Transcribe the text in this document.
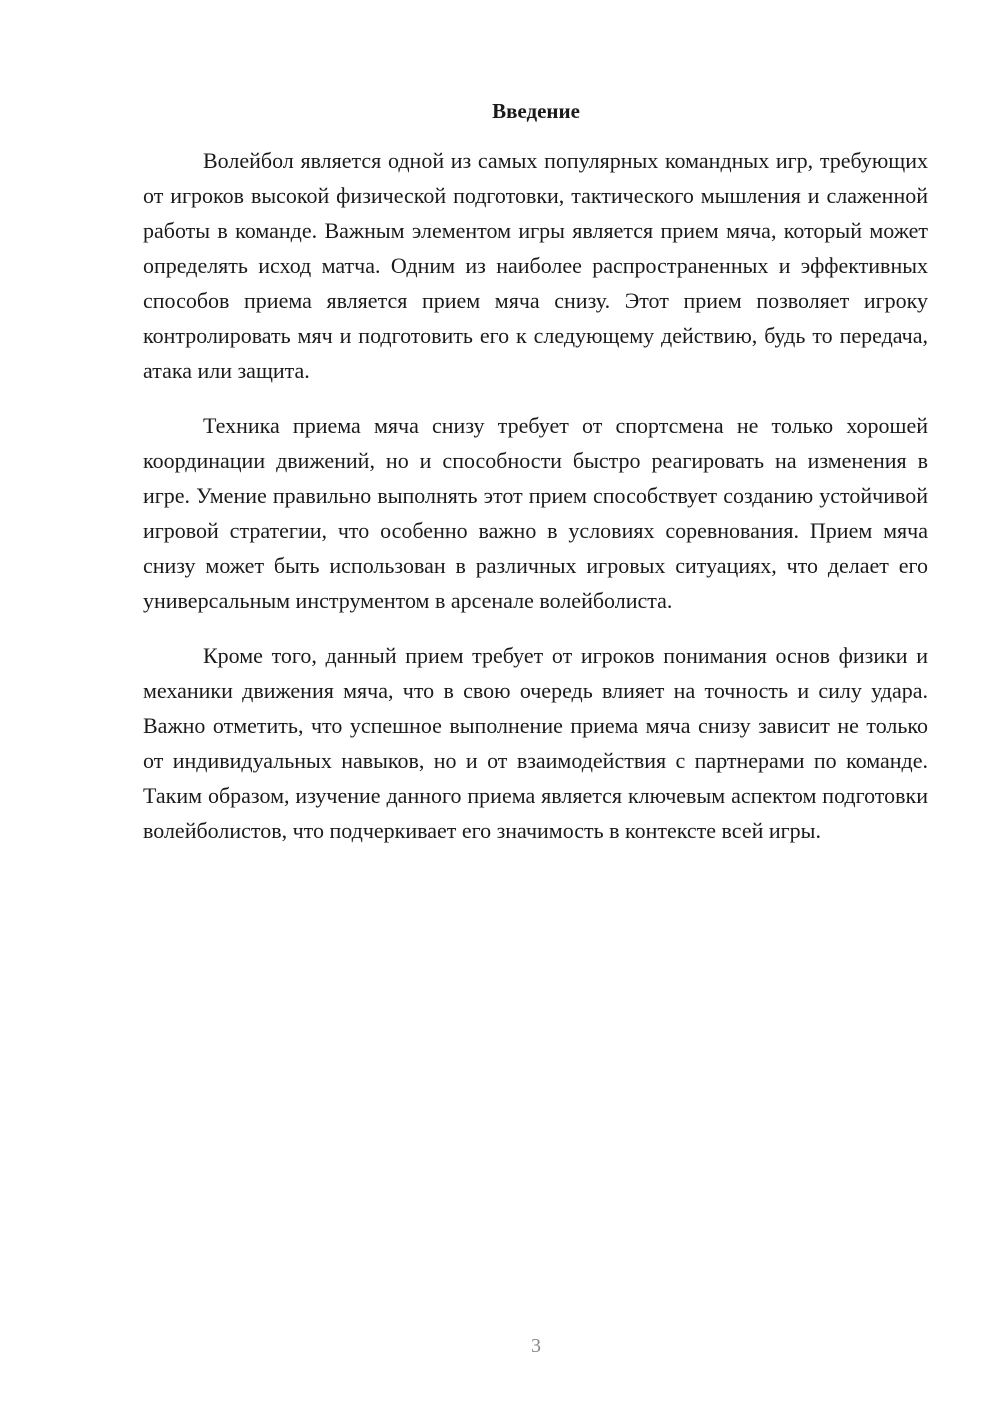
Введение

Волейбол является одной из самых популярных командных игр, требующих от игроков высокой физической подготовки, тактического мышления и слаженной работы в команде. Важным элементом игры является прием мяча, который может определять исход матча. Одним из наиболее распространенных и эффективных способов приема является прием мяча снизу. Этот прием позволяет игроку контролировать мяч и подготовить его к следующему действию, будь то передача, атака или защита.

Техника приема мяча снизу требует от спортсмена не только хорошей координации движений, но и способности быстро реагировать на изменения в игре. Умение правильно выполнять этот прием способствует созданию устойчивой игровой стратегии, что особенно важно в условиях соревнования. Прием мяча снизу может быть использован в различных игровых ситуациях, что делает его универсальным инструментом в арсенале волейболиста.

Кроме того, данный прием требует от игроков понимания основ физики и механики движения мяча, что в свою очередь влияет на точность и силу удара. Важно отметить, что успешное выполнение приема мяча снизу зависит не только от индивидуальных навыков, но и от взаимодействия с партнерами по команде. Таким образом, изучение данного приема является ключевым аспектом подготовки волейболистов, что подчеркивает его значимость в контексте всей игры.

3
